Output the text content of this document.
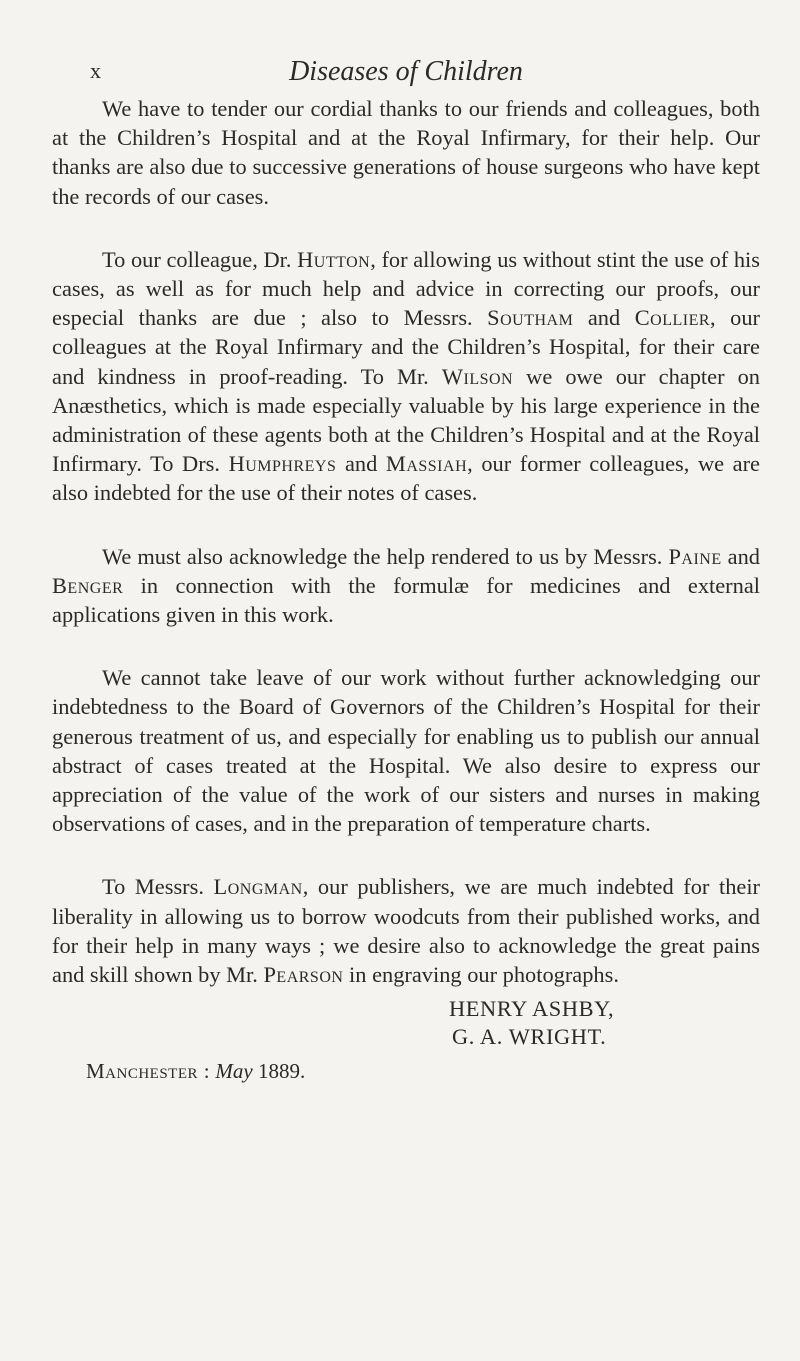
x	Diseases of Children

We have to tender our cordial thanks to our friends and colleagues, both at the Children’s Hospital and at the Royal Infirmary, for their help. Our thanks are also due to successive generations of house surgeons who have kept the records of our cases.

To our colleague, Dr. Hutton, for allowing us without stint the use of his cases, as well as for much help and advice in correcting our proofs, our especial thanks are due ; also to Messrs. Southam and Collier, our colleagues at the Royal Infirmary and the Children’s Hospital, for their care and kindness in proof-reading. To Mr. Wilson we owe our chapter on Anæsthetics, which is made especially valuable by his large experience in the administration of these agents both at the Children’s Hospital and at the Royal Infirmary. To Drs. Humphreys and Massiah, our former colleagues, we are also indebted for the use of their notes of cases.

We must also acknowledge the help rendered to us by Messrs. Paine and Benger in connection with the formulæ for medicines and external applications given in this work.

We cannot take leave of our work without further acknowledging our indebtedness to the Board of Governors of the Children’s Hospital for their generous treatment of us, and especially for enabling us to publish our annual abstract of cases treated at the Hospital. We also desire to express our appreciation of the value of the work of our sisters and nurses in making observations of cases, and in the preparation of temperature charts.

To Messrs. Longman, our publishers, we are much indebted for their liberality in allowing us to borrow woodcuts from their published works, and for their help in many ways ; we desire also to acknowledge the great pains and skill shown by Mr. Pearson in engraving our photographs.

HENRY ASHBY,
G. A. WRIGHT.
Manchester : May 1889.
